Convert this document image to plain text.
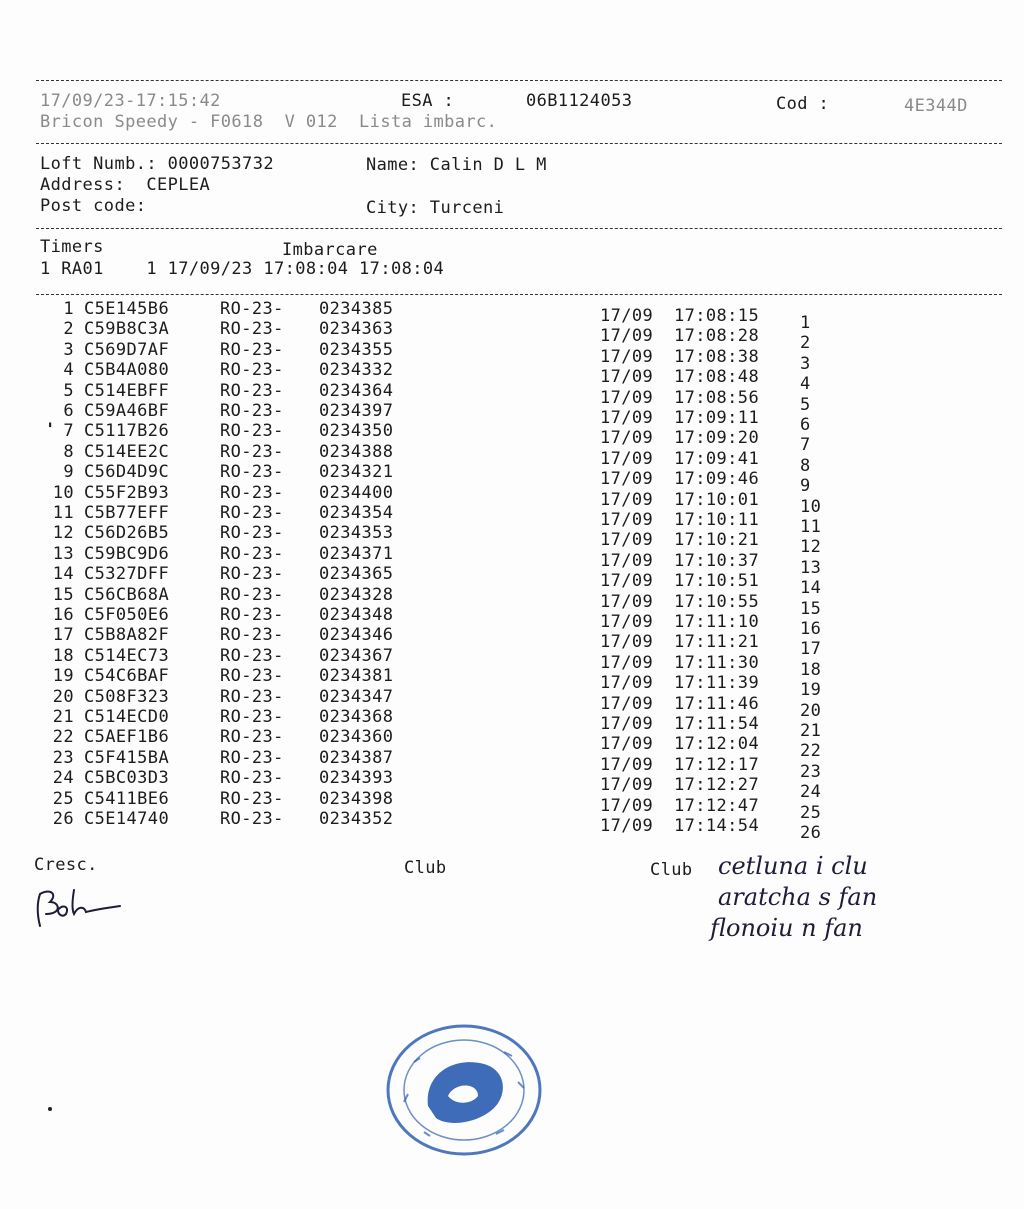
17/09/23-17:15:42	ESA :	06B1124053	Cod :	4E344D
Bricon Speedy - F0618  V 012  Lista imbarc.
Loft Numb.: 0000753732	Name: Calin D L M
Address:  CEPLEA
Post code:	City: Turceni
Timers	Imbarcare
1 RA01    1 17/09/23 17:08:04 17:08:04
1 C5E145B6	RO-23- 0234385	17/09 17:08:15 1
2 C59B8C3A	RO-23- 0234363	17/09 17:08:28 2
3 C569D7AF	RO-23- 0234355	17/09 17:08:38 3
4 C5B4A080	RO-23- 0234332	17/09 17:08:48 4
5 C514EBFF	RO-23- 0234364	17/09 17:08:56 5
6 C59A46BF	RO-23- 0234397	17/09 17:09:11 6
7 C5117B26	RO-23- 0234350	17/09 17:09:20 7
8 C514EE2C	RO-23- 0234388	17/09 17:09:41 8
9 C56D4D9C	RO-23- 0234321	17/09 17:09:46 9
10 C55F2B93	RO-23- 0234400	17/09 17:10:01 10
11 C5B77EFF	RO-23- 0234354	17/09 17:10:11 11
12 C56D26B5	RO-23- 0234353	17/09 17:10:21 12
13 C59BC9D6	RO-23- 0234371	17/09 17:10:37 13
14 C5327DFF	RO-23- 0234365	17/09 17:10:51 14
15 C56CB68A	RO-23- 0234328	17/09 17:10:55 15
16 C5F050E6	RO-23- 0234348	17/09 17:11:10 16
17 C5B8A82F	RO-23- 0234346	17/09 17:11:21 17
18 C514EC73	RO-23- 0234367	17/09 17:11:30 18
19 C54C6BAF	RO-23- 0234381	17/09 17:11:39 19
20 C508F323	RO-23- 0234347	17/09 17:11:46 20
21 C514ECD0	RO-23- 0234368	17/09 17:11:54 21
22 C5AEF1B6	RO-23- 0234360	17/09 17:12:04 22
23 C5F415BA	RO-23- 0234387	17/09 17:12:17 23
24 C5BC03D3	RO-23- 0234393	17/09 17:12:27 24
25 C5411BE6	RO-23- 0234398	17/09 17:12:47 25
26 C5E14740	RO-23- 0234352	17/09 17:14:54 26
Cresc.	Club	Club cetluna i clu
aratcha s fan
flonoiu n fan
'
